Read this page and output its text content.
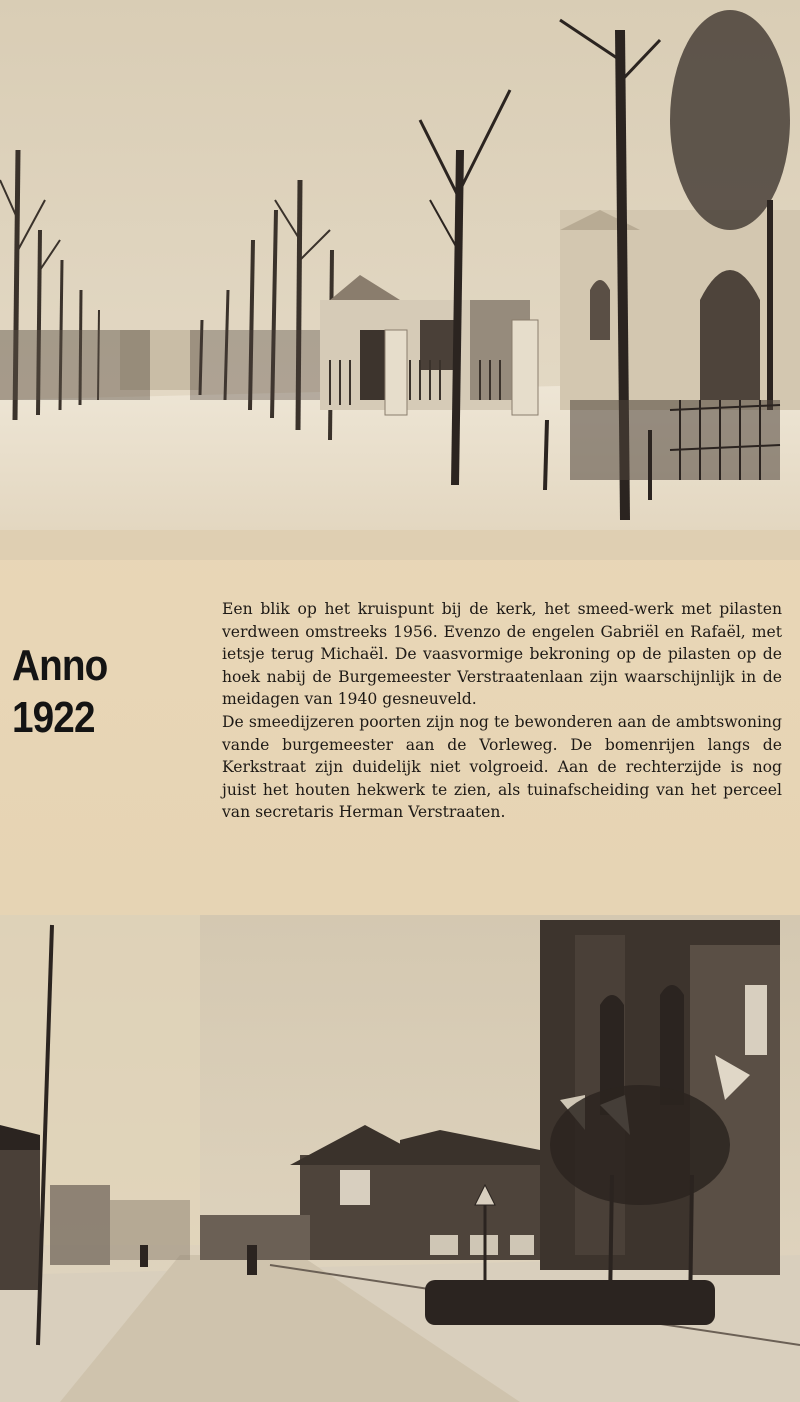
Anno
1922

Een blik op het kruispunt bij de kerk, het smeed-werk met pilasten verdween omstreeks 1956. Evenzo de engelen Gabriël en Rafaël, met ietsje terug Michaël. De vaasvormige bekroning op de pilasten op de hoek nabij de Burgemeester Verstraatenlaan zijn waarschijnlijk in de meidagen van 1940 gesneuveld.

De smeedijzeren poorten zijn nog te bewonderen aan de ambtswoning vande burgemeester aan de Vorleweg. De bomenrijen langs de Kerkstraat zijn duidelijk niet volgroeid. Aan de rechterzijde is nog juist het houten hekwerk te zien, als tuinafscheiding van het perceel van secretaris Herman Verstraaten.
